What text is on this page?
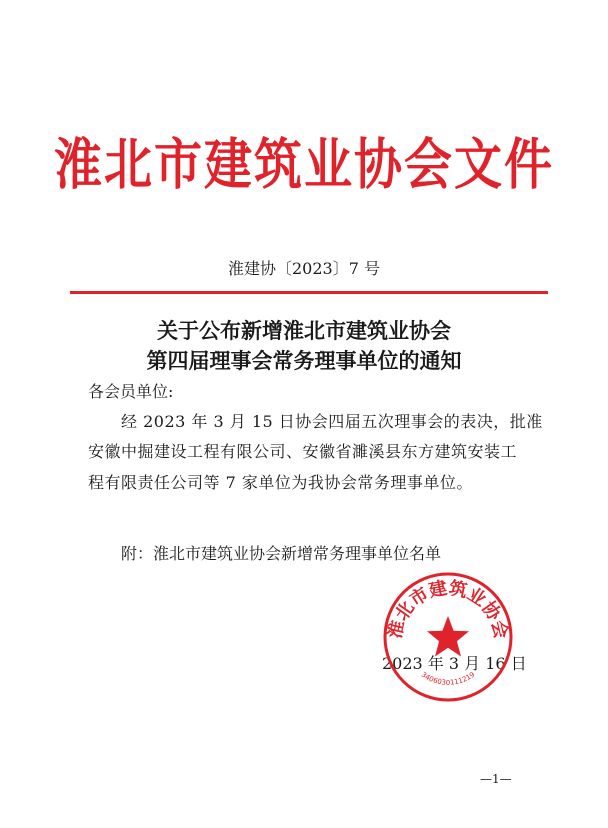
淮北市建筑业协会文件
淮建协〔2023〕7 号
关于公布新增淮北市建筑业协会
第四届理事会常务理事单位的通知
各会员单位:
经 2023 年 3 月 15 日协会四届五次理事会的表决，批准
安徽中掘建设工程有限公司、安徽省濉溪县东方建筑安装工
程有限责任公司等 7 家单位为我协会常务理事单位。
附：淮北市建筑业协会新增常务理事单位名单
2023 年 3 月 16 日
淮北市建筑业协会
3406030111219
—1—
